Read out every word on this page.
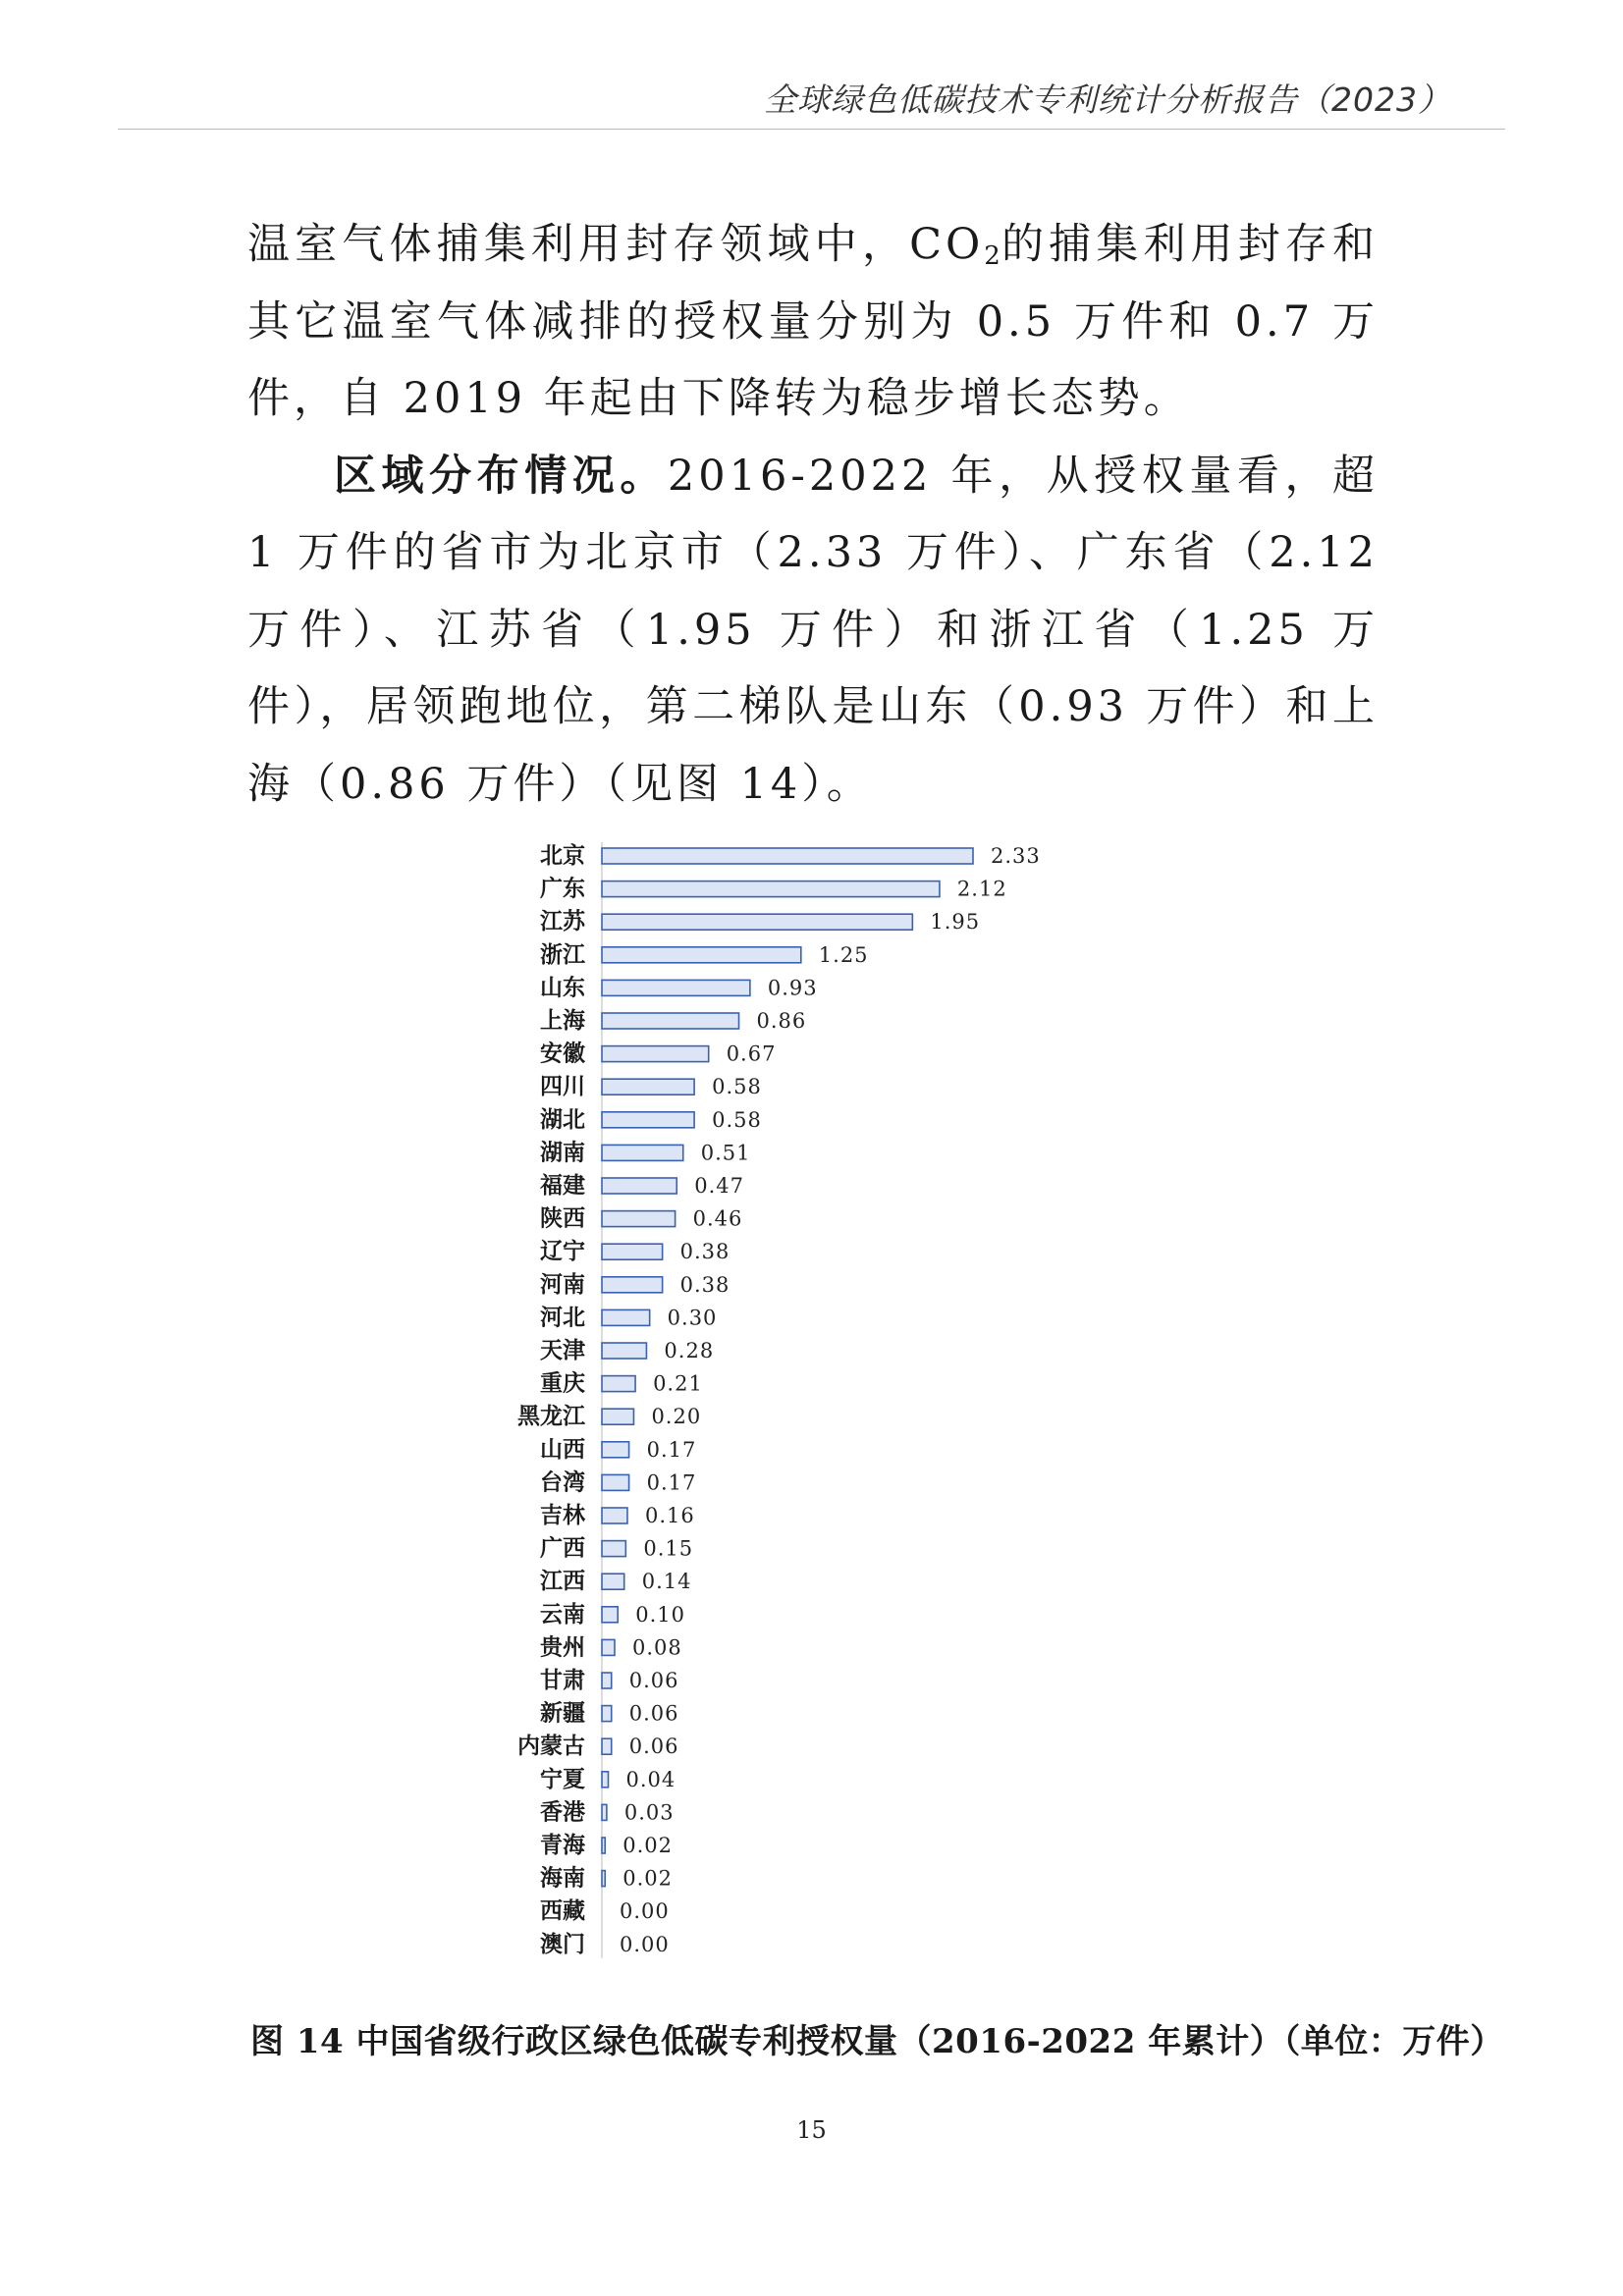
全球绿色低碳技术专利统计分析报告（2023）

温室气体捕集利用封存领域中，$CO_2$的捕集利用封存和其它温室气体减排的授权量分别为 0.5 万件和 0.7 万件，自 2019 年起由下降转为稳步增长态势。

区域分布情况。2016-2022 年，从授权量看，超 1 万件的省市为北京市（2.33 万件）、广东省（2.12 万件）、江苏省（1.95 万件）和浙江省（1.25 万件），居领跑地位，第二梯队是山东（0.93 万件）和上海（0.86 万件）（见图 14）。

北京	2.33
广东	2.12
江苏	1.95
浙江	1.25
山东	0.93
上海	0.86
安徽	0.67
四川	0.58
湖北	0.58
湖南	0.51
福建	0.47
陕西	0.46
辽宁	0.38
河南	0.38
河北	0.30
天津	0.28
重庆	0.21
黑龙江	0.20
山西	0.17
台湾	0.17
吉林	0.16
广西	0.15
江西	0.14
云南 0.10
贵州 0.08
甘肃 0.06
新疆 0.06
内蒙古 0.06
宁夏 0.04
香港 0.03
青海 0.02
海南 0.02
西藏 0.00
澳门 0.00
图 14 中国省级行政区绿色低碳专利授权量（2016-2022 年累计）（单位：万件）
15
